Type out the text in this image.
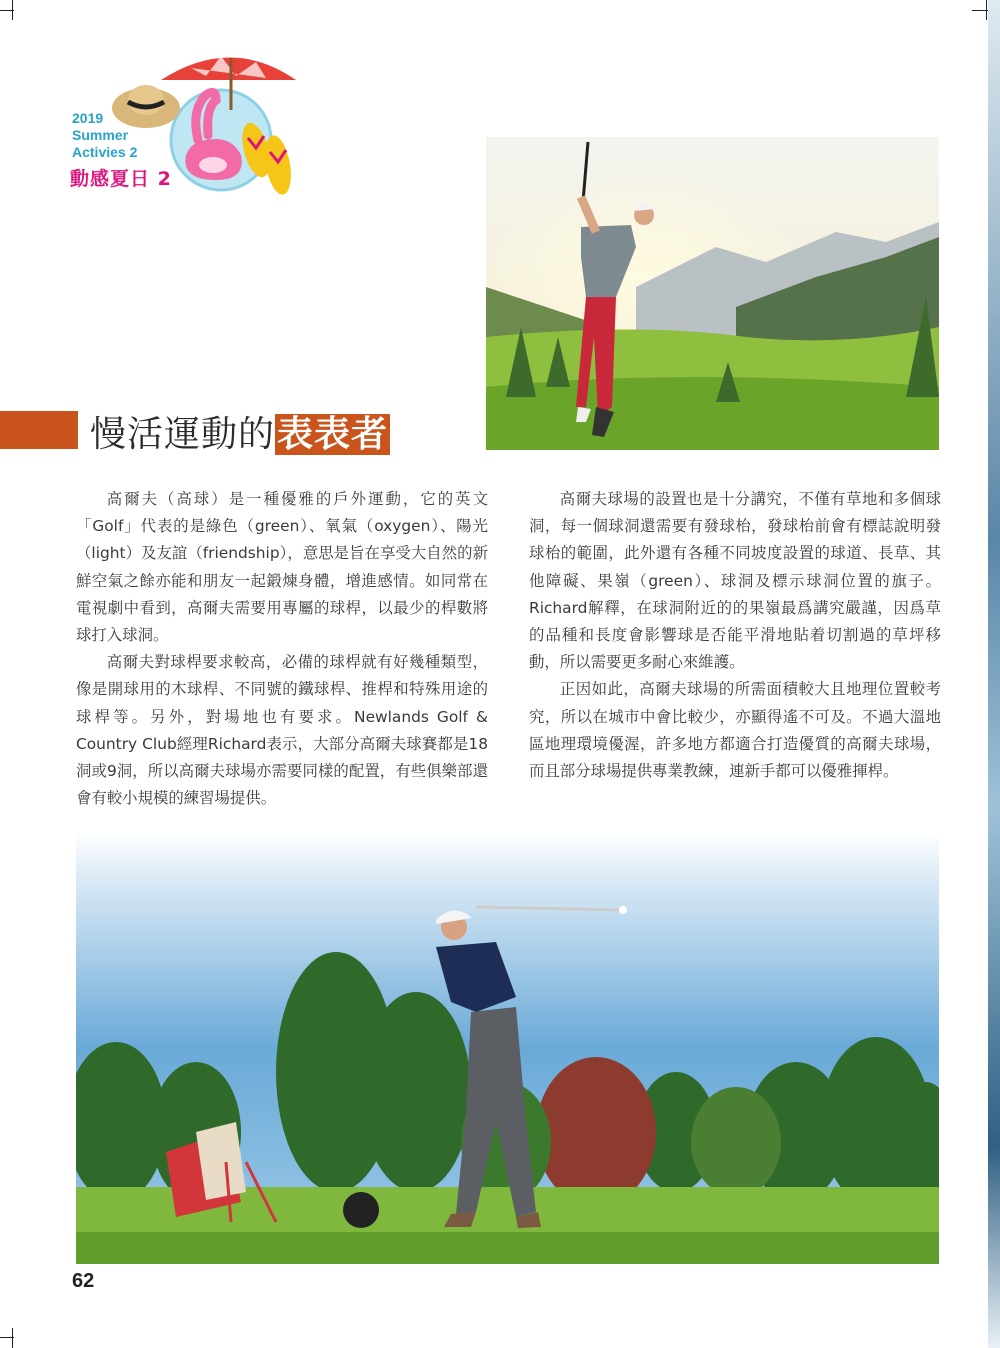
2019
Summer
Activies 2
動感夏日 2
慢活運動的表表者

高爾夫（高球）是一種優雅的戶外運動，它的英文「Golf」代表的是綠色（green）、氧氣（oxygen）、陽光（light）及友誼（friendship），意思是旨在享受大自然的新鮮空氣之餘亦能和朋友一起鍛煉身體，增進感情。如同常在電視劇中看到，高爾夫需要用專屬的球桿，以最少的桿數將球打入球洞。

高爾夫對球桿要求較高，必備的球桿就有好幾種類型，像是開球用的木球桿、不同號的鐵球桿、推桿和特殊用途的球桿等。另外，對場地也有要求。Newlands Golf & Country Club經理Richard表示，大部分高爾夫球賽都是18洞或9洞，所以高爾夫球場亦需要同樣的配置，有些俱樂部還會有較小規模的練習場提供。

高爾夫球場的設置也是十分講究，不僅有草地和多個球洞，每一個球洞還需要有發球枱，發球枱前會有標誌說明發球枱的範圍，此外還有各種不同坡度設置的球道、長草、其他障礙、果嶺（green）、球洞及標示球洞位置的旗子。Richard解釋，在球洞附近的的果嶺最爲講究嚴謹，因爲草的品種和長度會影響球是否能平滑地貼着切割過的草坪移動，所以需要更多耐心來維護。

正因如此，高爾夫球場的所需面積較大且地理位置較考究，所以在城市中會比較少，亦顯得遙不可及。不過大溫地區地理環境優渥，許多地方都適合打造優質的高爾夫球場，而且部分球場提供專業教練，連新手都可以優雅揮桿。

62
